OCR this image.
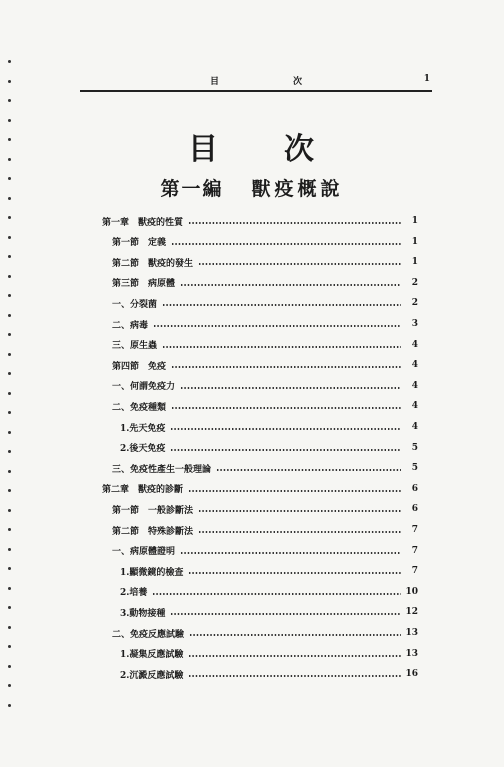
目	次	1
目 次
第一編 獸疫概說
第一章　獸疫的性質	1
第一節　定義	1
第二節　獸疫的發生	1
第三節　病原體	2
一、分裂菌	2
二、病毒	3
三、原生蟲	4
第四節　免疫	4
一、何謂免疫力	4
二、免疫種類	4
1.先天免疫	4
2.後天免疫	5
三、免疫性產生一般理論	5
第二章　獸疫的診斷	6
第一節　一般診斷法	6
第二節　特殊診斷法	7
一、病原體證明	7
1.顯微鏡的檢查	7
2.培養	10
3.動物接種	12
二、免疫反應試驗	13
1.凝集反應試驗	13
2.沉澱反應試驗	16
